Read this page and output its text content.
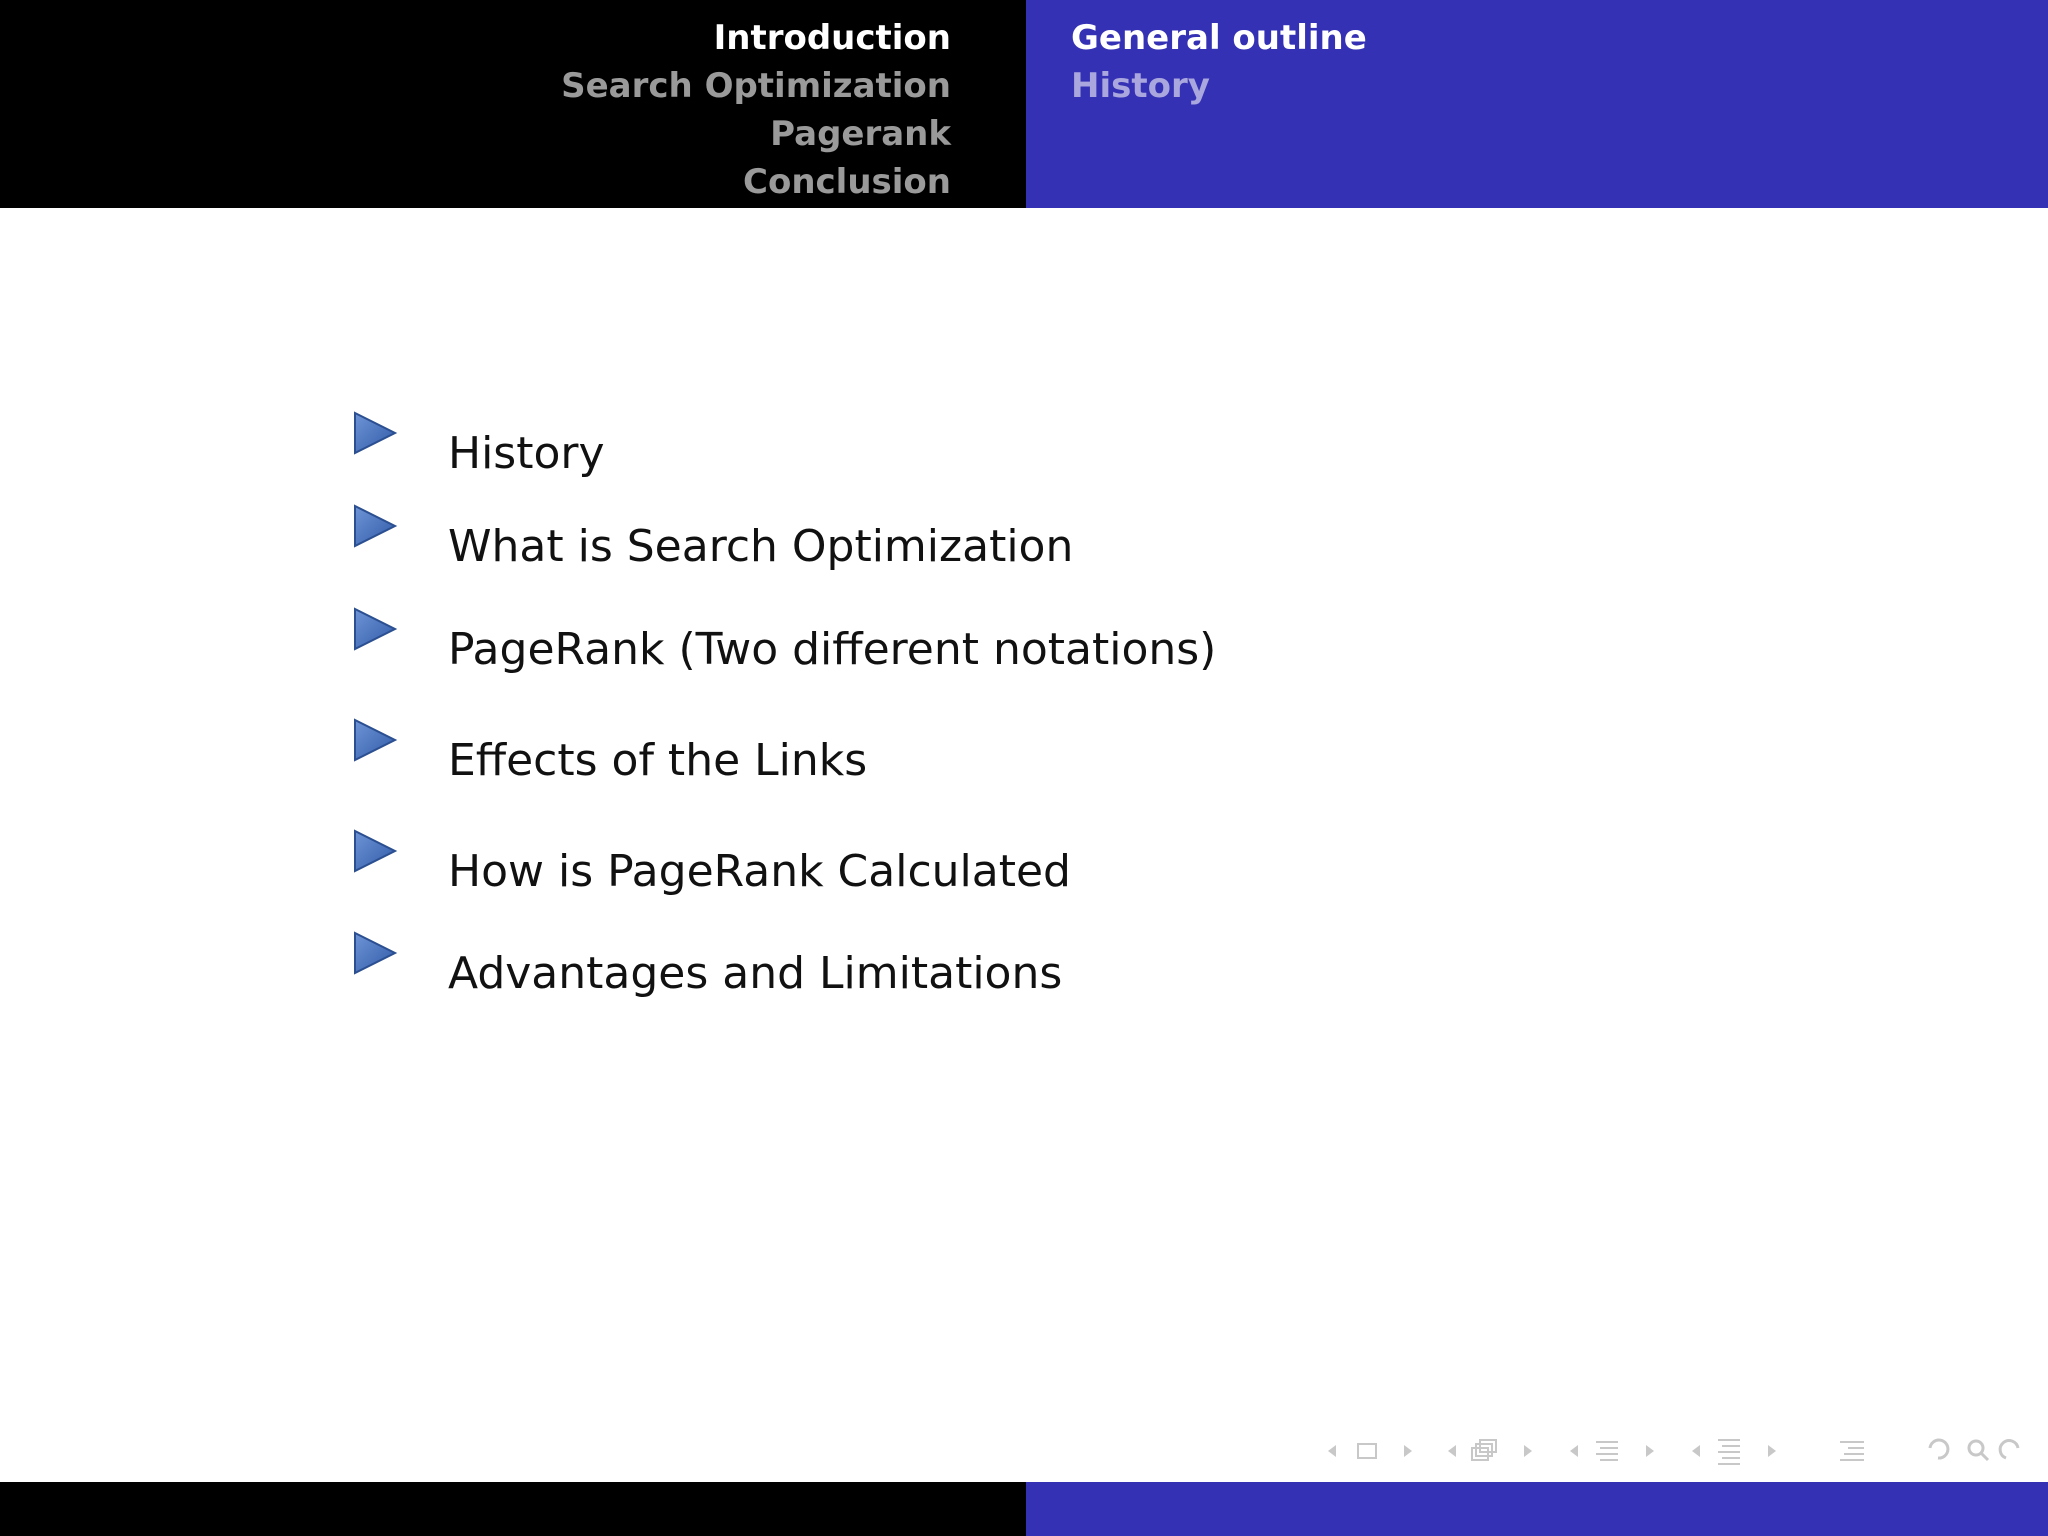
Introduction
Search Optimization
Pagerank
Conclusion
General outline
History
History
What is Search Optimization
PageRank (Two different notations)
Effects of the Links
How is PageRank Calculated
Advantages and Limitations
